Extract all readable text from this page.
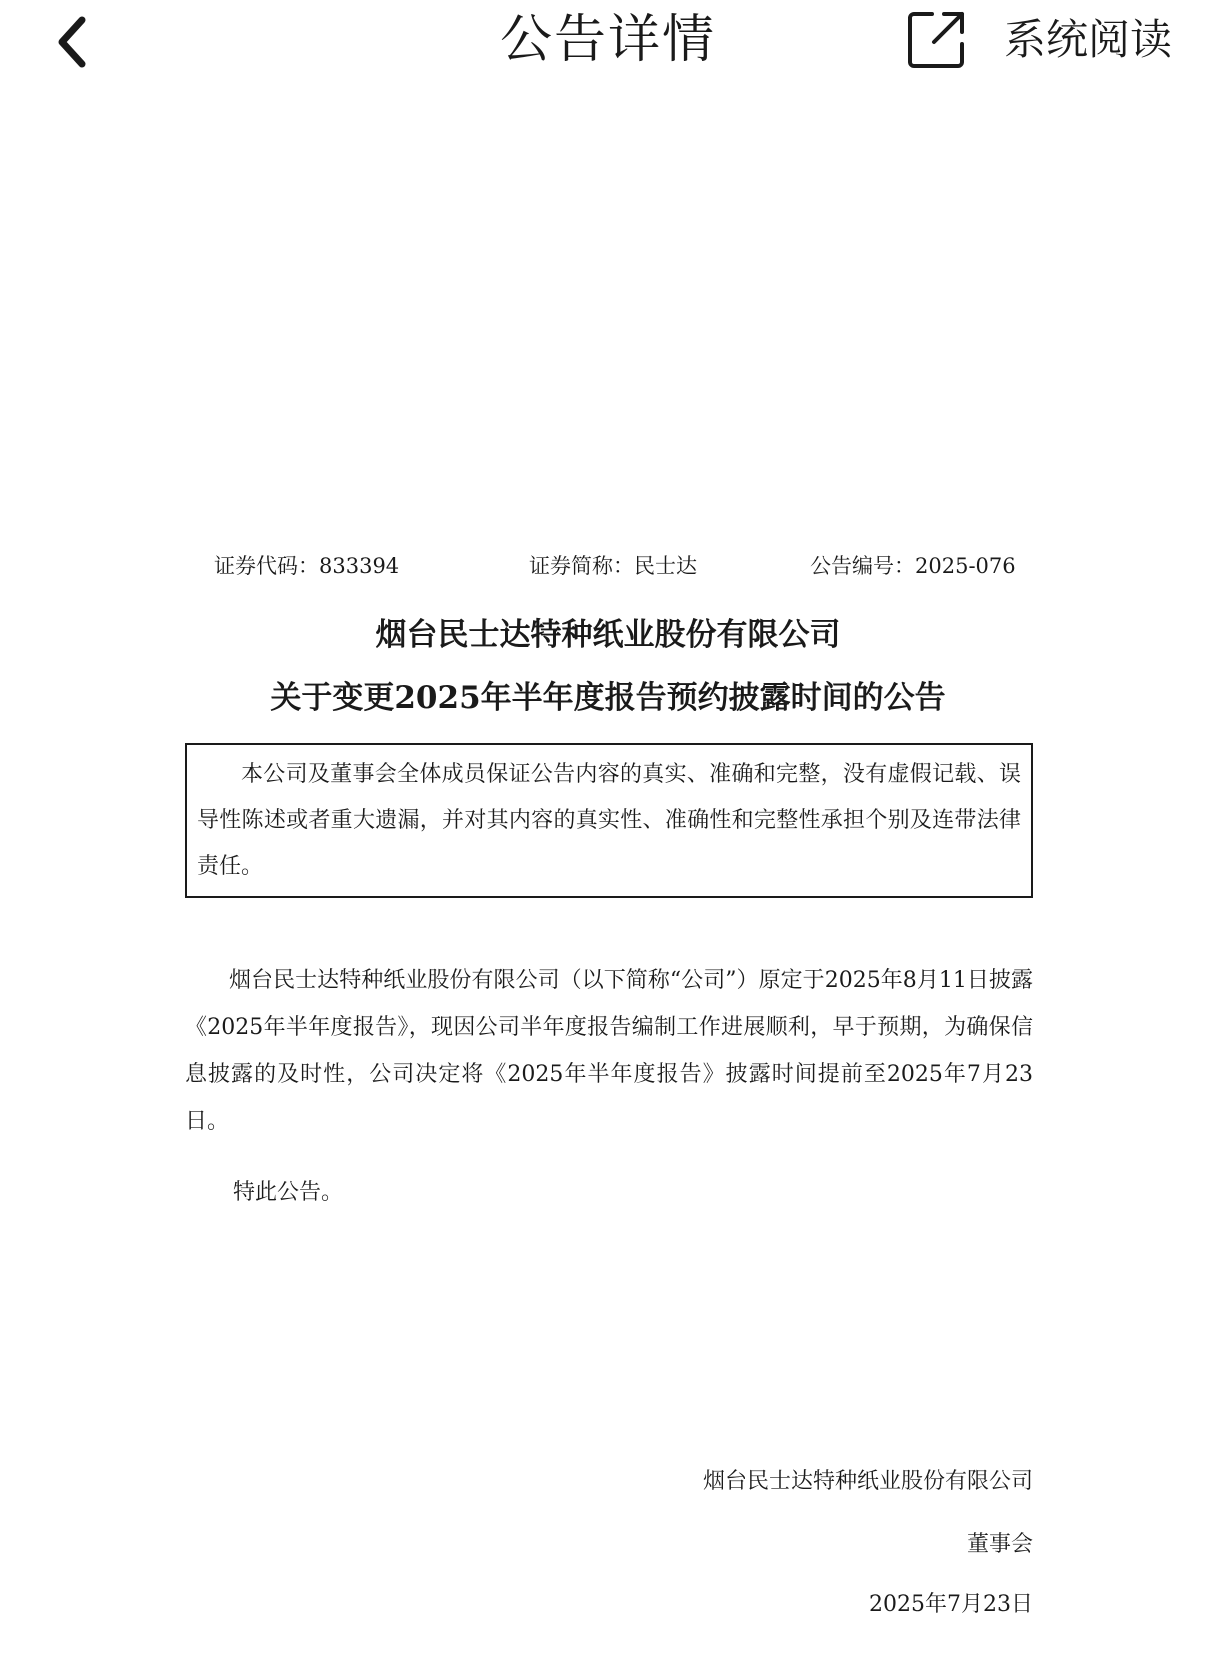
公告详情	系统阅读
证券代码：833394	证券简称：民士达	公告编号：2025-076
烟台民士达特种纸业股份有限公司
关于变更2025年半年度报告预约披露时间的公告

本公司及董事会全体成员保证公告内容的真实、准确和完整，没有虚假记载、误导性陈述或者重大遗漏，并对其内容的真实性、准确性和完整性承担个别及连带法律责任。

烟台民士达特种纸业股份有限公司（以下简称“公司”）原定于2025年8月11日披露《2025年半年度报告》，现因公司半年度报告编制工作进展顺利，早于预期，为确保信息披露的及时性，公司决定将《2025年半年度报告》披露时间提前至2025年7月23日。

特此公告。
烟台民士达特种纸业股份有限公司
董事会
2025年7月23日
